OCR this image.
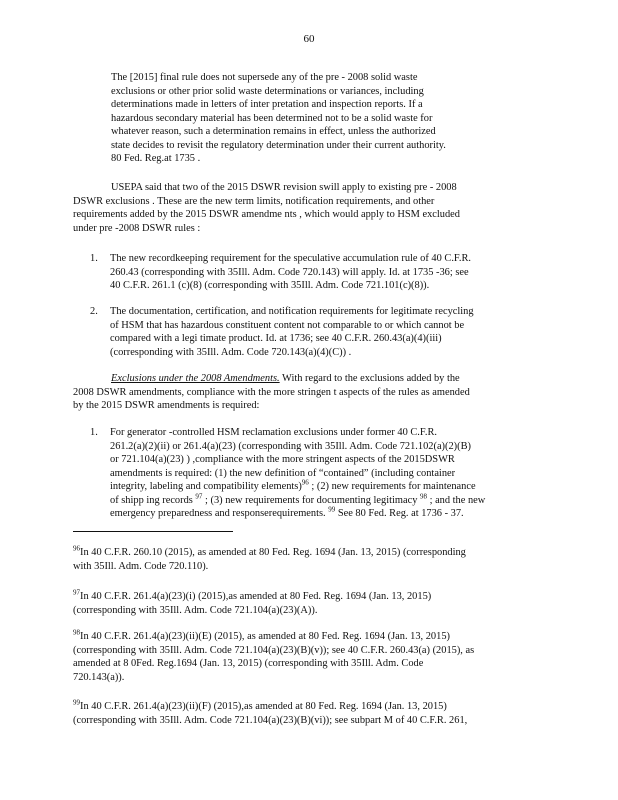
60

The [2015] final rule does not supersede any of the pre - 2008 solid waste
exclusions or other prior solid waste determinations or variances, including
determinations made in letters of inter pretation and inspection reports. If a
hazardous secondary material has been determined not to be a solid waste for
whatever reason, such a determination remains in effect, unless the authorized
state decides to revisit the regulatory determination under their current authority.
80 Fed. Reg.at 1735 .

USEPA said that two of the 2015 DSWR revision swill apply to existing pre - 2008
DSWR exclusions . These are the new term limits, notification requirements, and other
requirements added by the 2015 DSWR amendme nts , which would apply to HSM excluded
under pre -2008 DSWR rules :

1. The new recordkeeping requirement for the speculative accumulation rule of 40 C.F.R.
260.43 (corresponding with 35Ill. Adm. Code 720.143) will apply. Id. at 1735 -36; see
40 C.F.R. 261.1 (c)(8) (corresponding with 35Ill. Adm. Code 721.101(c)(8)).

2. The documentation, certification, and notification requirements for legitimate recycling
of HSM that has hazardous constituent content not comparable to or which cannot be
compared with a legi timate product. Id. at 1736; see 40 C.F.R. 260.43(a)(4)(iii)
(corresponding with 35Ill. Adm. Code 720.143(a)(4)(C)) .

Exclusions under the 2008 Amendments. With regard to the exclusions added by the
2008 DSWR amendments, compliance with the more stringen t aspects of the rules as amended
by the 2015 DSWR amendments is required:

1. For generator -controlled HSM reclamation exclusions under former 40 C.F.R.
261.2(a)(2)(ii) or 261.4(a)(23) (corresponding with 35Ill. Adm. Code 721.102(a)(2)(B)
or 721.104(a)(23) ) ,compliance with the more stringent aspects of the 2015DSWR
amendments is required: (1) the new definition of “contained” (including container
integrity, labeling and compatibility elements)$^{96}$ ; (2) new requirements for maintenance
of shipp ing records $^{97}$ ; (3) new requirements for documenting legitimacy $^{98}$ ; and the new
emergency preparedness and responserequirements. $^{99}$ See 80 Fed. Reg. at 1736 - 37.

$^{96}$In 40 C.F.R. 260.10 (2015), as amended at 80 Fed. Reg. 1694 (Jan. 13, 2015) (corresponding
with 35Ill. Adm. Code 720.110).

$^{97}$In 40 C.F.R. 261.4(a)(23)(i) (2015),as amended at 80 Fed. Reg. 1694 (Jan. 13, 2015)
(corresponding with 35Ill. Adm. Code 721.104(a)(23)(A)).

$^{98}$In 40 C.F.R. 261.4(a)(23)(ii)(E) (2015), as amended at 80 Fed. Reg. 1694 (Jan. 13, 2015)
(corresponding with 35Ill. Adm. Code 721.104(a)(23)(B)(v)); see 40 C.F.R. 260.43(a) (2015), as
amended at 8 0Fed. Reg.1694 (Jan. 13, 2015) (corresponding with 35Ill. Adm. Code
720.143(a)).

$^{99}$In 40 C.F.R. 261.4(a)(23)(ii)(F) (2015),as amended at 80 Fed. Reg. 1694 (Jan. 13, 2015)
(corresponding with 35Ill. Adm. Code 721.104(a)(23)(B)(vi)); see subpart M of 40 C.F.R. 261,
